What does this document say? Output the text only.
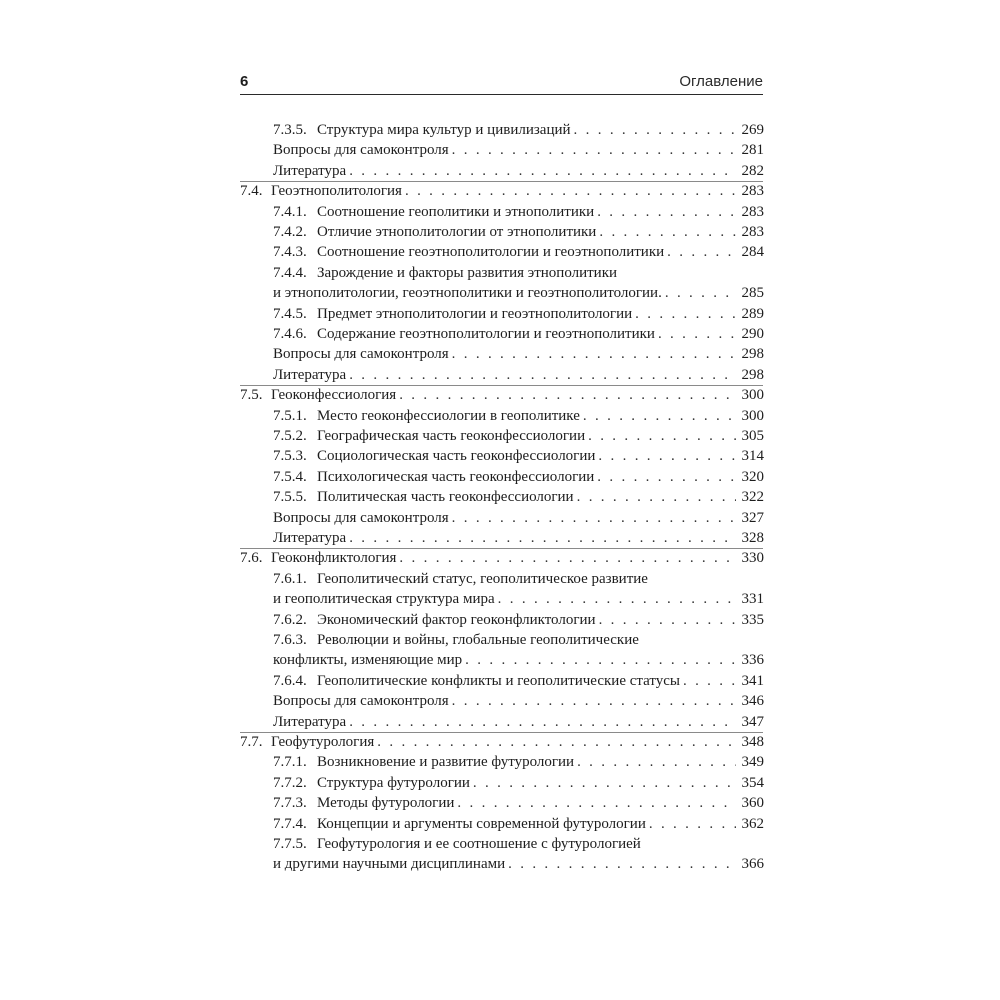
6	Оглавление
7.3.5. Структура мира культур и цивилизаций . . .	269
Вопросы для самоконтроля . . .	281
Литература . . .	282
7.4. Геоэтнополитология . . .	283
7.4.1. Соотношение геополитики и этнополитики . . .	283
7.4.2. Отличие этнополитологии от этнополитики . . .	283
7.4.3. Соотношение геоэтнополитологии и геоэтнополитики . . .	284
7.4.4. Зарождение и факторы развития этнополитики
и этнополитологии, геоэтнополитики и геоэтнополитологии. . . .	285
7.4.5. Предмет этнополитологии и геоэтнополитологии . . .	289
7.4.6. Содержание геоэтнополитологии и геоэтнополитики . . .	290
Вопросы для самоконтроля . . .	298
Литература . . .	298
7.5. Геоконфессиология . . .	300
7.5.1. Место геоконфессиологии в геополитике . . .	300
7.5.2. Географическая часть геоконфессиологии . . .	305
7.5.3. Социологическая часть геоконфессиологии . . .	314
7.5.4. Психологическая часть геоконфессиологии . . .	320
7.5.5. Политическая часть геоконфессиологии . . .	322
Вопросы для самоконтроля . . .	327
Литература . . .	328
7.6. Геоконфликтология . . .	330
7.6.1. Геополитический статус, геополитическое развитие
и геополитическая структура мира . . .	331
7.6.2. Экономический фактор геоконфликтологии . . .	335
7.6.3. Революции и войны, глобальные геополитические
конфликты, изменяющие мир . . .	336
7.6.4. Геополитические конфликты и геополитические статусы . . .	341
Вопросы для самоконтроля . . .	346
Литература . . .	347
7.7. Геофутурология . . .	348
7.7.1. Возникновение и развитие футурологии . . .	349
7.7.2. Структура футурологии . . .	354
7.7.3. Методы футурологии . . .	360
7.7.4. Концепции и аргументы современной футурологии . . .	362
7.7.5. Геофутурология и ее соотношение с футурологией
и другими научными дисциплинами . . .	366
